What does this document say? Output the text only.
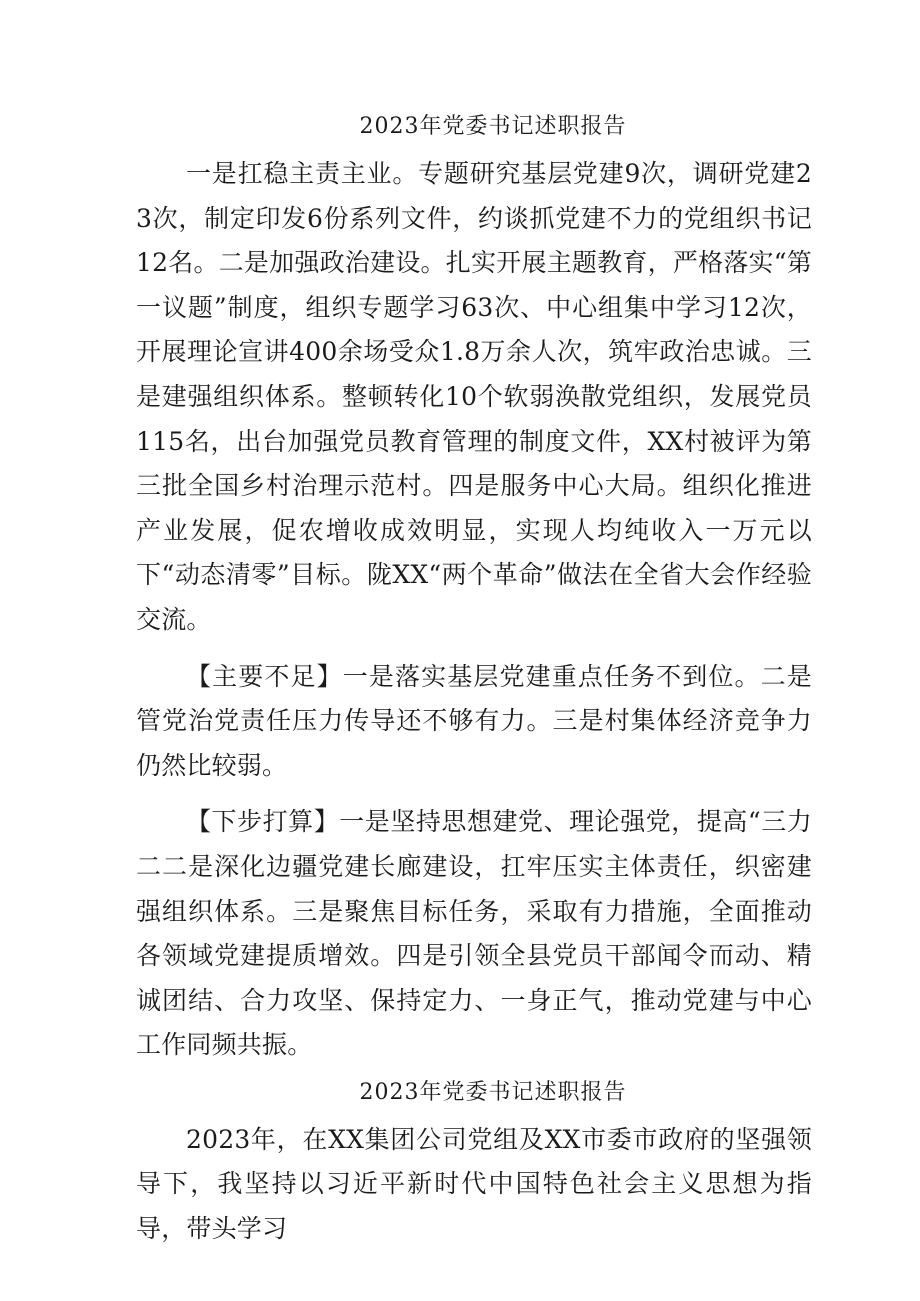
2023年党委书记述职报告

一是扛稳主责主业。专题研究基层党建9次，调研党建23次，制定印发6份系列文件，约谈抓党建不力的党组织书记12名。二是加强政治建设。扎实开展主题教育，严格落实“第一议题”制度，组织专题学习63次、中心组集中学习12次，开展理论宣讲400余场受众1.8万余人次，筑牢政治忠诚。三是建强组织体系。整顿转化10个软弱涣散党组织，发展党员115名，出台加强党员教育管理的制度文件，XX村被评为第三批全国乡村治理示范村。四是服务中心大局。组织化推进产业发展，促农增收成效明显，实现人均纯收入一万元以下“动态清零”目标。陇XX“两个革命”做法在全省大会作经验交流。

【主要不足】一是落实基层党建重点任务不到位。二是管党治党责任压力传导还不够有力。三是村集体经济竞争力仍然比较弱。

【下步打算】一是坚持思想建党、理论强党，提高“三力二二是深化边疆党建长廊建设，扛牢压实主体责任，织密建强组织体系。三是聚焦目标任务，采取有力措施，全面推动各领域党建提质增效。四是引领全县党员干部闻令而动、精诚团结、合力攻坚、保持定力、一身正气，推动党建与中心工作同频共振。

2023年党委书记述职报告

2023年，在XX集团公司党组及XX市委市政府的坚强领导下，我坚持以习近平新时代中国特色社会主义思想为指导，带头学习
